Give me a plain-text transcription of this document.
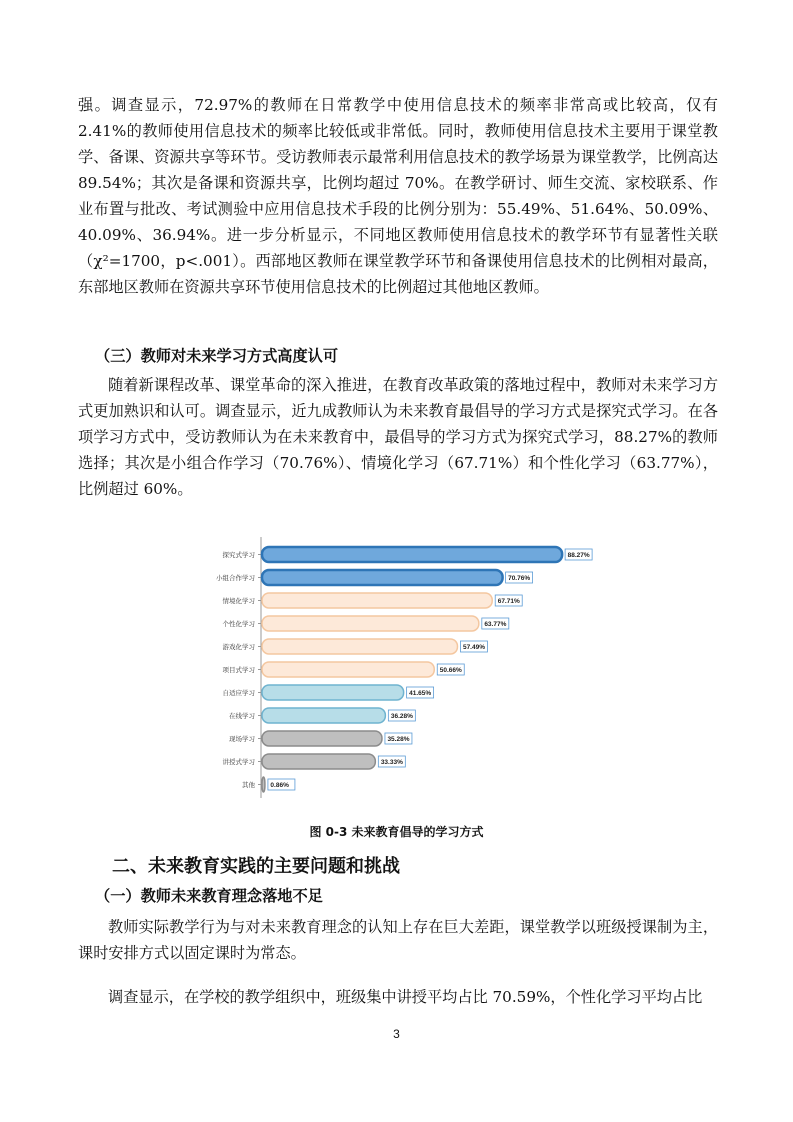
强。调查显示，72.97%的教师在日常教学中使用信息技术的频率非常高或比较高，仅有 2.41%的教师使用信息技术的频率比较低或非常低。同时，教师使用信息技术主要用于课堂教学、备课、资源共享等环节。受访教师表示最常利用信息技术的教学场景为课堂教学，比例高达 89.54%；其次是备课和资源共享，比例均超过 70%。在教学研讨、师生交流、家校联系、作业布置与批改、考试测验中应用信息技术手段的比例分别为：55.49%、51.64%、50.09%、40.09%、36.94%。进一步分析显示，不同地区教师使用信息技术的教学环节有显著性关联（χ²=1700，p<.001）。西部地区教师在课堂教学环节和备课使用信息技术的比例相对最高，东部地区教师在资源共享环节使用信息技术的比例超过其他地区教师。

（三）教师对未来学习方式高度认可

随着新课程改革、课堂革命的深入推进，在教育改革政策的落地过程中，教师对未来学习方式更加熟识和认可。调查显示，近九成教师认为未来教育最倡导的学习方式是探究式学习。在各项学习方式中，受访教师认为在未来教育中，最倡导的学习方式为探究式学习，88.27%的教师选择；其次是小组合作学习（70.76%）、情境化学习（67.71%）和个性化学习（63.77%），比例超过 60%。

探究式学习	88.27%
小组合作学习	70.76%
情境化学习	67.71%
个性化学习	63.77%
游戏化学习	57.49%
项目式学习	50.66%
自适应学习	41.65%
在线学习	36.28%
现场学习	35.28%
讲授式学习	33.33%
其他 0.86%
图 0-3 未来教育倡导的学习方式

二、未来教育实践的主要问题和挑战

（一）教师未来教育理念落地不足

教师实际教学行为与对未来教育理念的认知上存在巨大差距，课堂教学以班级授课制为主，课时安排方式以固定课时为常态。

调查显示，在学校的教学组织中，班级集中讲授平均占比 70.59%，个性化学习平均占比

3
